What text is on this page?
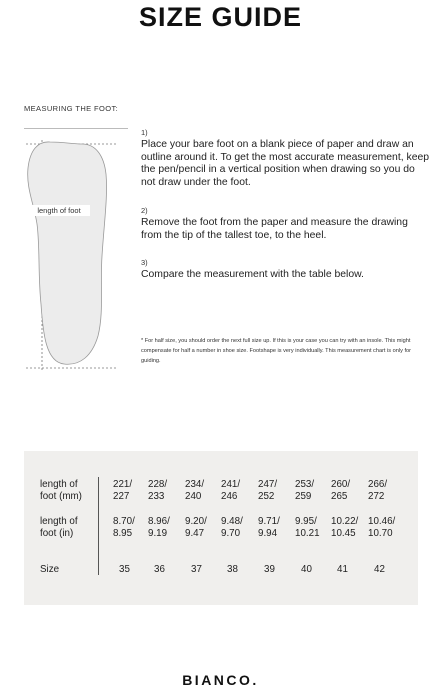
SIZE GUIDE
MEASURING THE FOOT:
length of foot
1)
Place your bare foot on a blank piece of paper and draw an outline around it. To get the most accurate measurement, keep the pen/pencil in a vertical position when drawing so you do not draw under the foot.
2)
Remove the foot from the paper and measure the drawing from the tip of the tallest toe, to the heel.
3)
Compare the measurement with the table below.
* For half size, you should order the next full size up. If this is your case you can try with an insole. This might compensate for half a number in shoe size. Footshape is very individually. This measurement chart is only for guiding.
length of
foot (mm)
length of
foot (in)
Size
221/
227
8.70/
8.95
35
228/
233
8.96/
9.19
36
234/
240
9.20/
9.47
37
241/
246
9.48/
9.70
38
247/
252
9.71/
9.94
39
253/
259
9.95/
10.21
40
260/
265
10.22/
10.45
41
266/
272
10.46/
10.70
42
BIANCO.
